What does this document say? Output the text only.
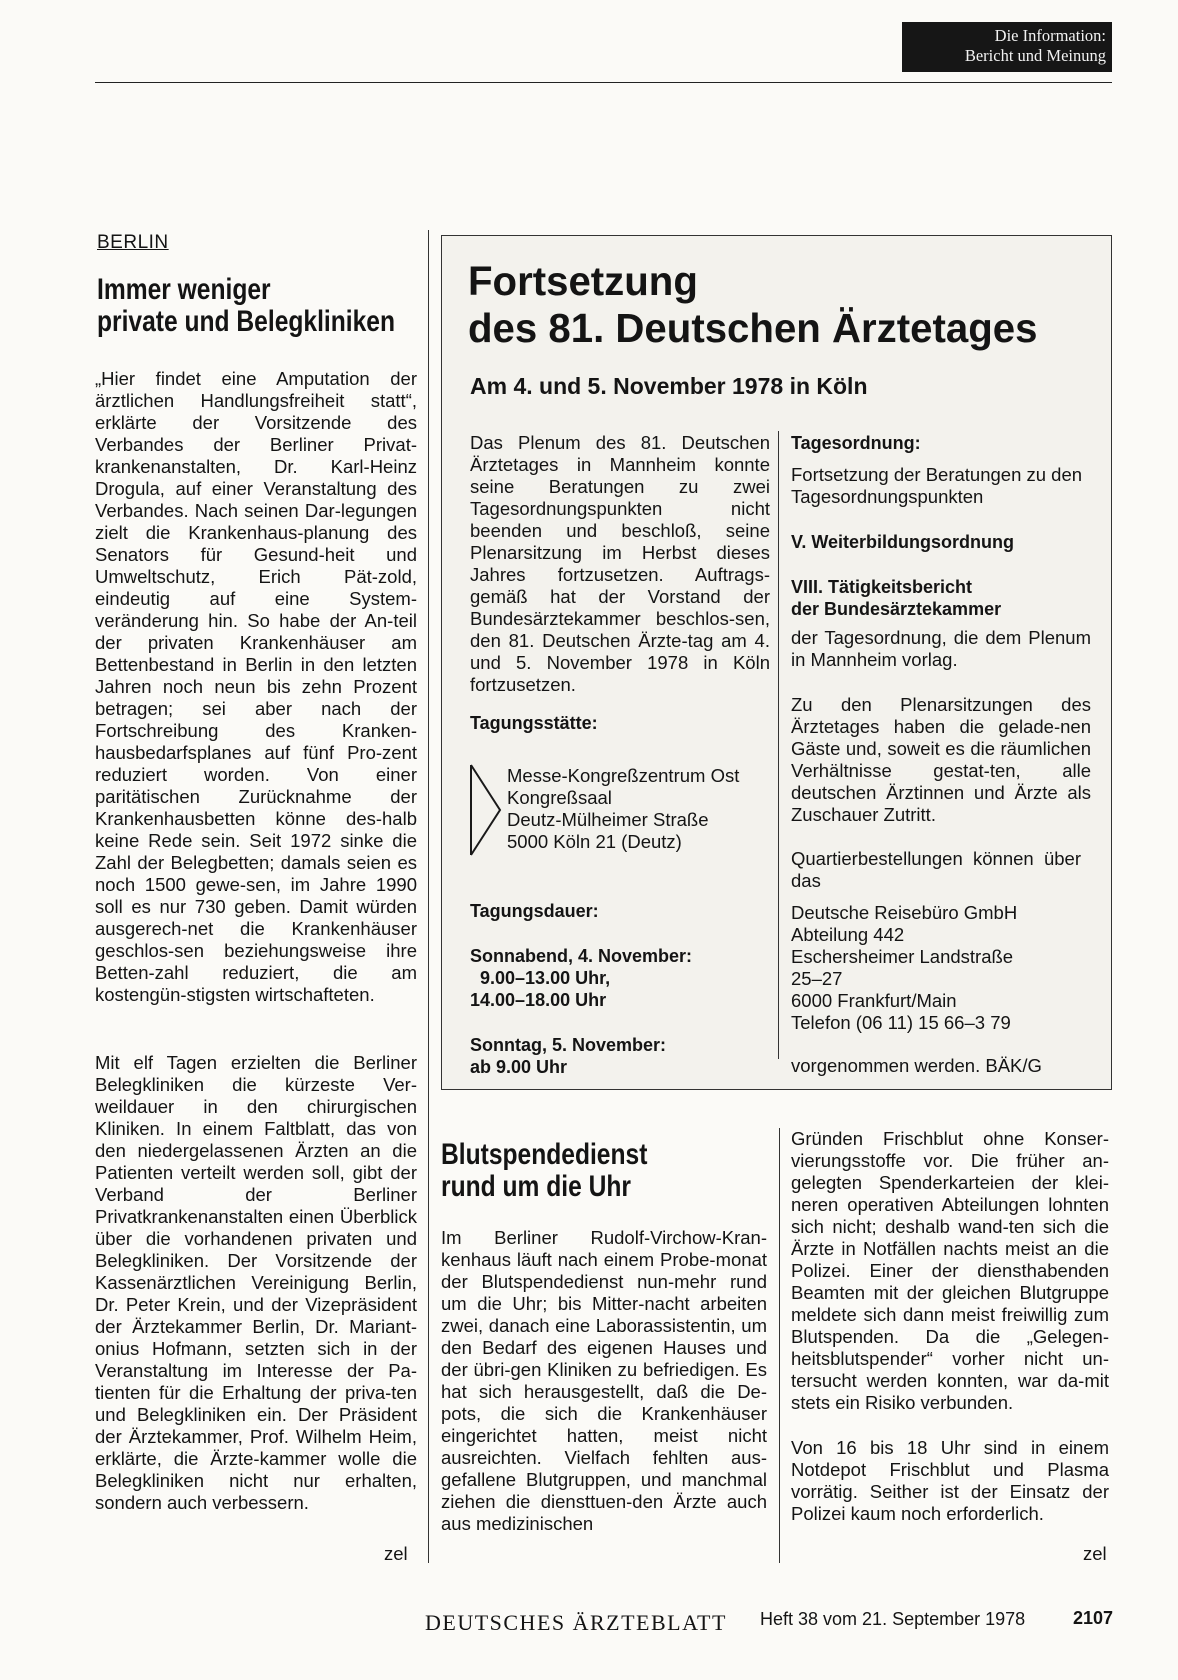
Die Information:
Bericht und Meinung
BERLIN
Immer weniger
private und Belegkliniken
„Hier findet eine Amputation der ärztlichen Handlungsfreiheit statt“, erklärte der Vorsitzende des Verbandes der Berliner Privat-​krankenanstalten, Dr. Karl-Heinz Drogula, auf einer Veranstaltung des Verbandes. Nach seinen Dar-​legungen zielt die Krankenhaus-​planung des Senators für Gesund-​heit und Umweltschutz, Erich Pät-​zold, eindeutig auf eine System-​veränderung hin. So habe der An-​teil der privaten Krankenhäuser am Bettenbestand in Berlin in den letzten Jahren noch neun bis zehn Prozent betragen; sei aber nach der Fortschreibung des Kranken-​hausbedarfsplanes auf fünf Pro-​zent reduziert worden. Von einer paritätischen Zurücknahme der Krankenhausbetten könne des-​halb keine Rede sein. Seit 1972 sinke die Zahl der Belegbetten; damals seien es noch 1500 gewe-​sen, im Jahre 1990 soll es nur 730 geben. Damit würden ausgerech-​net die Krankenhäuser geschlos-​sen beziehungsweise ihre Betten-​zahl reduziert, die am kostengün-​stigsten wirtschafteten.
Mit elf Tagen erzielten die Berliner Belegkliniken die kürzeste Ver-​weildauer in den chirurgischen Kliniken. In einem Faltblatt, das von den niedergelassenen Ärzten an die Patienten verteilt werden soll, gibt der Verband der Berliner Privatkrankenanstalten einen Überblick über die vorhandenen privaten und Belegkliniken. Der Vorsitzende der Kassenärztlichen Vereinigung Berlin, Dr. Peter Krein, und der Vizepräsident der Ärztekammer Berlin, Dr. Mariant-​onius Hofmann, setzten sich in der Veranstaltung im Interesse der Pa-​tienten für die Erhaltung der priva-​ten und Belegkliniken ein. Der Präsident der Ärztekammer, Prof. Wilhelm Heim, erklärte, die Ärzte-​kammer wolle die Belegkliniken nicht nur erhalten, sondern auch verbessern.
zel
Fortsetzung
des 81. Deutschen Ärztetages
Am 4. und 5. November 1978 in Köln
Das Plenum des 81. Deutschen Ärztetages in Mannheim konnte seine Beratungen zu zwei Tagesordnungspunkten nicht beenden und beschloß, seine Plenarsitzung im Herbst dieses Jahres fortzusetzen. Auftrags-​gemäß hat der Vorstand der Bundesärztekammer beschlos-​sen, den 81. Deutschen Ärzte-​tag am 4. und 5. November 1978 in Köln fortzusetzen.
Tagungsstätte:
Messe-Kongreßzentrum Ost
Kongreßsaal
Deutz-Mülheimer Straße
5000 Köln 21 (Deutz)
Tagungsdauer:
Sonnabend, 4. November:
9.00–13.00 Uhr,
14.00–18.00 Uhr
Sonntag, 5. November:
ab 9.00 Uhr
Tagesordnung:
Fortsetzung der Beratungen zu den Tagesordnungspunkten
V. Weiterbildungsordnung
VIII. Tätigkeitsbericht
der Bundesärztekammer
der Tagesordnung, die dem Plenum in Mannheim vorlag.
Zu den Plenarsitzungen des Ärztetages haben die gelade-​nen Gäste und, soweit es die räumlichen Verhältnisse gestat-​ten, alle deutschen Ärztinnen und Ärzte als Zuschauer Zutritt.
Quartierbestellungen können über das
Deutsche Reisebüro GmbH
Abteilung 442
Eschersheimer Landstraße
25–27
6000 Frankfurt/Main
Telefon (06 11) 15 66–3 79
vorgenommen werden. BÄK/G
Blutspendedienst
rund um die Uhr
Im Berliner Rudolf-Virchow-Kran-​kenhaus läuft nach einem Probe-​monat der Blutspendedienst nun-​mehr rund um die Uhr; bis Mitter-​nacht arbeiten zwei, danach eine Laborassistentin, um den Bedarf des eigenen Hauses und der übri-​gen Kliniken zu befriedigen. Es hat sich herausgestellt, daß die De-​pots, die sich die Krankenhäuser eingerichtet hatten, meist nicht ausreichten. Vielfach fehlten aus-​gefallene Blutgruppen, und manchmal ziehen die diensttuen-​den Ärzte auch aus medizinischen
Gründen Frischblut ohne Konser-​vierungsstoffe vor. Die früher an-​gelegten Spenderkarteien der klei-​neren operativen Abteilungen lohnten sich nicht; deshalb wand-​ten sich die Ärzte in Notfällen nachts meist an die Polizei. Einer der diensthabenden Beamten mit der gleichen Blutgruppe meldete sich dann meist freiwillig zum Blutspenden. Da die „Gelegen-​heitsblutspender“ vorher nicht un-​tersucht werden konnten, war da-​mit stets ein Risiko verbunden.
Von 16 bis 18 Uhr sind in einem Notdepot Frischblut und Plasma vorrätig. Seither ist der Einsatz der Polizei kaum noch erforderlich.
zel
DEUTSCHES ÄRZTEBLATT Heft 38 vom 21. September 1978	2107
